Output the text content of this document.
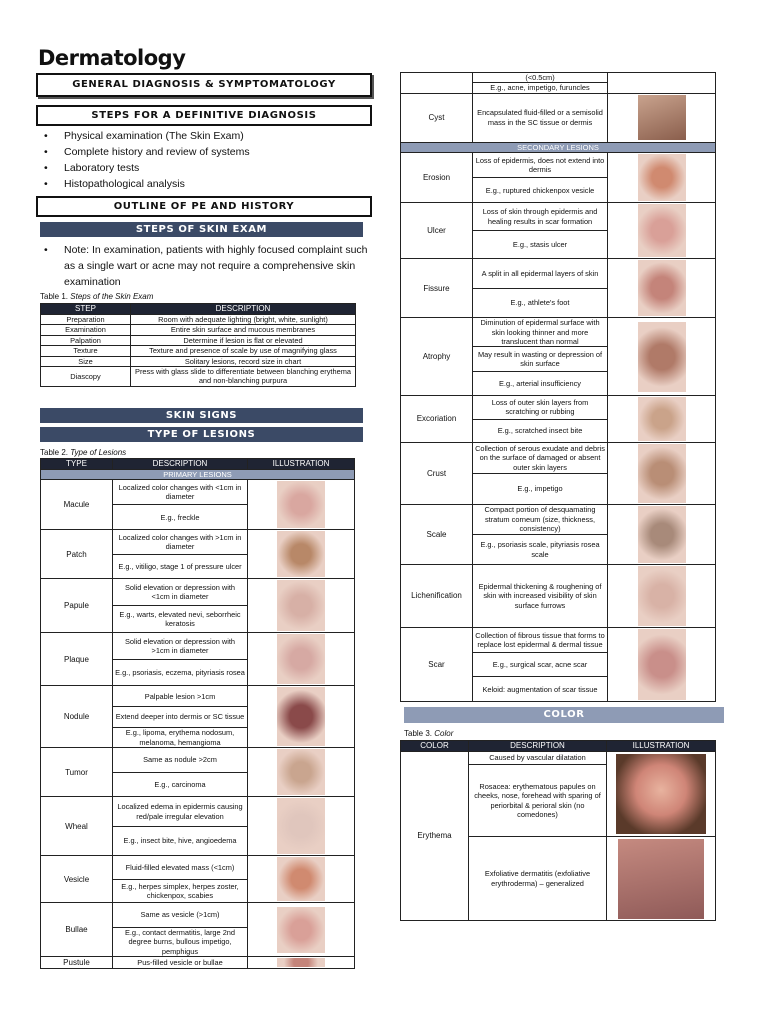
Dermatology
GENERAL DIAGNOSIS & SYMPTOMATOLOGY
STEPS FOR A DEFINITIVE DIAGNOSIS
• Physical examination (The Skin Exam)
• Complete history and review of systems
• Laboratory tests
• Histopathological analysis
OUTLINE OF PE AND HISTORY
STEPS OF SKIN EXAM
• Note: In examination, patients with highly focused complaint such as a single wart or acne may not require a comprehensive skin examination
Table 1. Steps of the Skin Exam
STEP	DESCRIPTION
Preparation	Room with adequate lighting (bright, white, sunlight)
Examination	Entire skin surface and mucous membranes
Palpation	Determine if lesion is flat or elevated
Texture	Texture and presence of scale by use of magnifying glass
Size	Solitary lesions, record size in chart
Diascopy	Press with glass slide to differentiate between blanching erythema and non-blanching purpura
SKIN SIGNS
TYPE OF LESIONS
Table 2. Type of Lesions
TYPE	DESCRIPTION	ILLUSTRATION
PRIMARY LESIONS		
Macule	Localized color changes with <1cm in diameter	

	E.g., freckle	
Patch	Localized color changes with >1cm in diameter	

	E.g., vitiligo, stage 1 of pressure ulcer	
Papule	Solid elevation or depression with <1cm in diameter	

	E.g., warts, elevated nevi, seborrheic keratosis	
Plaque	Solid elevation or depression with >1cm in diameter	

	E.g., psoriasis, eczema, pityriasis rosea	
Nodule	Palpable lesion >1cm	

	Extend deeper into dermis or SC tissue	
	E.g., lipoma, erythema nodosum, melanoma, hemangioma	
Tumor	Same as nodule >2cm	

	E.g., carcinoma	
Wheal	Localized edema in epidermis causing red/pale irregular elevation	

	E.g., insect bite, hive, angioedema	
Vesicle	Fluid-filled elevated mass (<1cm)	

	E.g., herpes simplex, herpes zoster, chickenpox, scabies	
Bullae	Same as vesicle (>1cm)	

	E.g., contact dermatitis, large 2nd degree burns, bullous impetigo, pemphigus	
Pustule	Pus-filled vesicle or bullae	
	(<0.5cm)	
	E.g., acne, impetigo, furuncles	
Cyst	Encapsulated fluid-filled or a semisolid mass in the SC tissue or dermis	

SECONDARY LESIONS		
Erosion	Loss of epidermis, does not extend into dermis	

	E.g., ruptured chickenpox vesicle	
Ulcer	Loss of skin through epidermis and healing results in scar formation	

	E.g., stasis ulcer	
Fissure	A split in all epidermal layers of skin	

	E.g., athlete's foot	
Atrophy	Diminution of epidermal surface with skin looking thinner and more translucent than normal	

	May result in wasting or depression of skin surface	
	E.g., arterial insufficiency	
Excoriation	Loss of outer skin layers from scratching or rubbing	

	E.g., scratched insect bite	
Crust	Collection of serous exudate and debris on the surface of damaged or absent outer skin layers	

	E.g., impetigo	
Scale	Compact portion of desquamating stratum corneum (size, thickness, consistency)	

	E.g., psoriasis scale, pityriasis rosea scale	
Lichenification	Epidermal thickening & roughening of skin with increased visibility of skin surface furrows	

Scar	Collection of fibrous tissue that forms to replace lost epidermal & dermal tissue	

	E.g., surgical scar, acne scar	
	Keloid: augmentation of scar tissue	
COLOR
Table 3. Color
COLOR	DESCRIPTION	ILLUSTRATION
Erythema	Caused by vascular dilatation	

	Rosacea: erythematous papules on cheeks, nose, forehead with sparing of periorbital & perioral skin (no comedones)	
	Exfoliative dermatitis (exfoliative erythroderma) – generalized	
